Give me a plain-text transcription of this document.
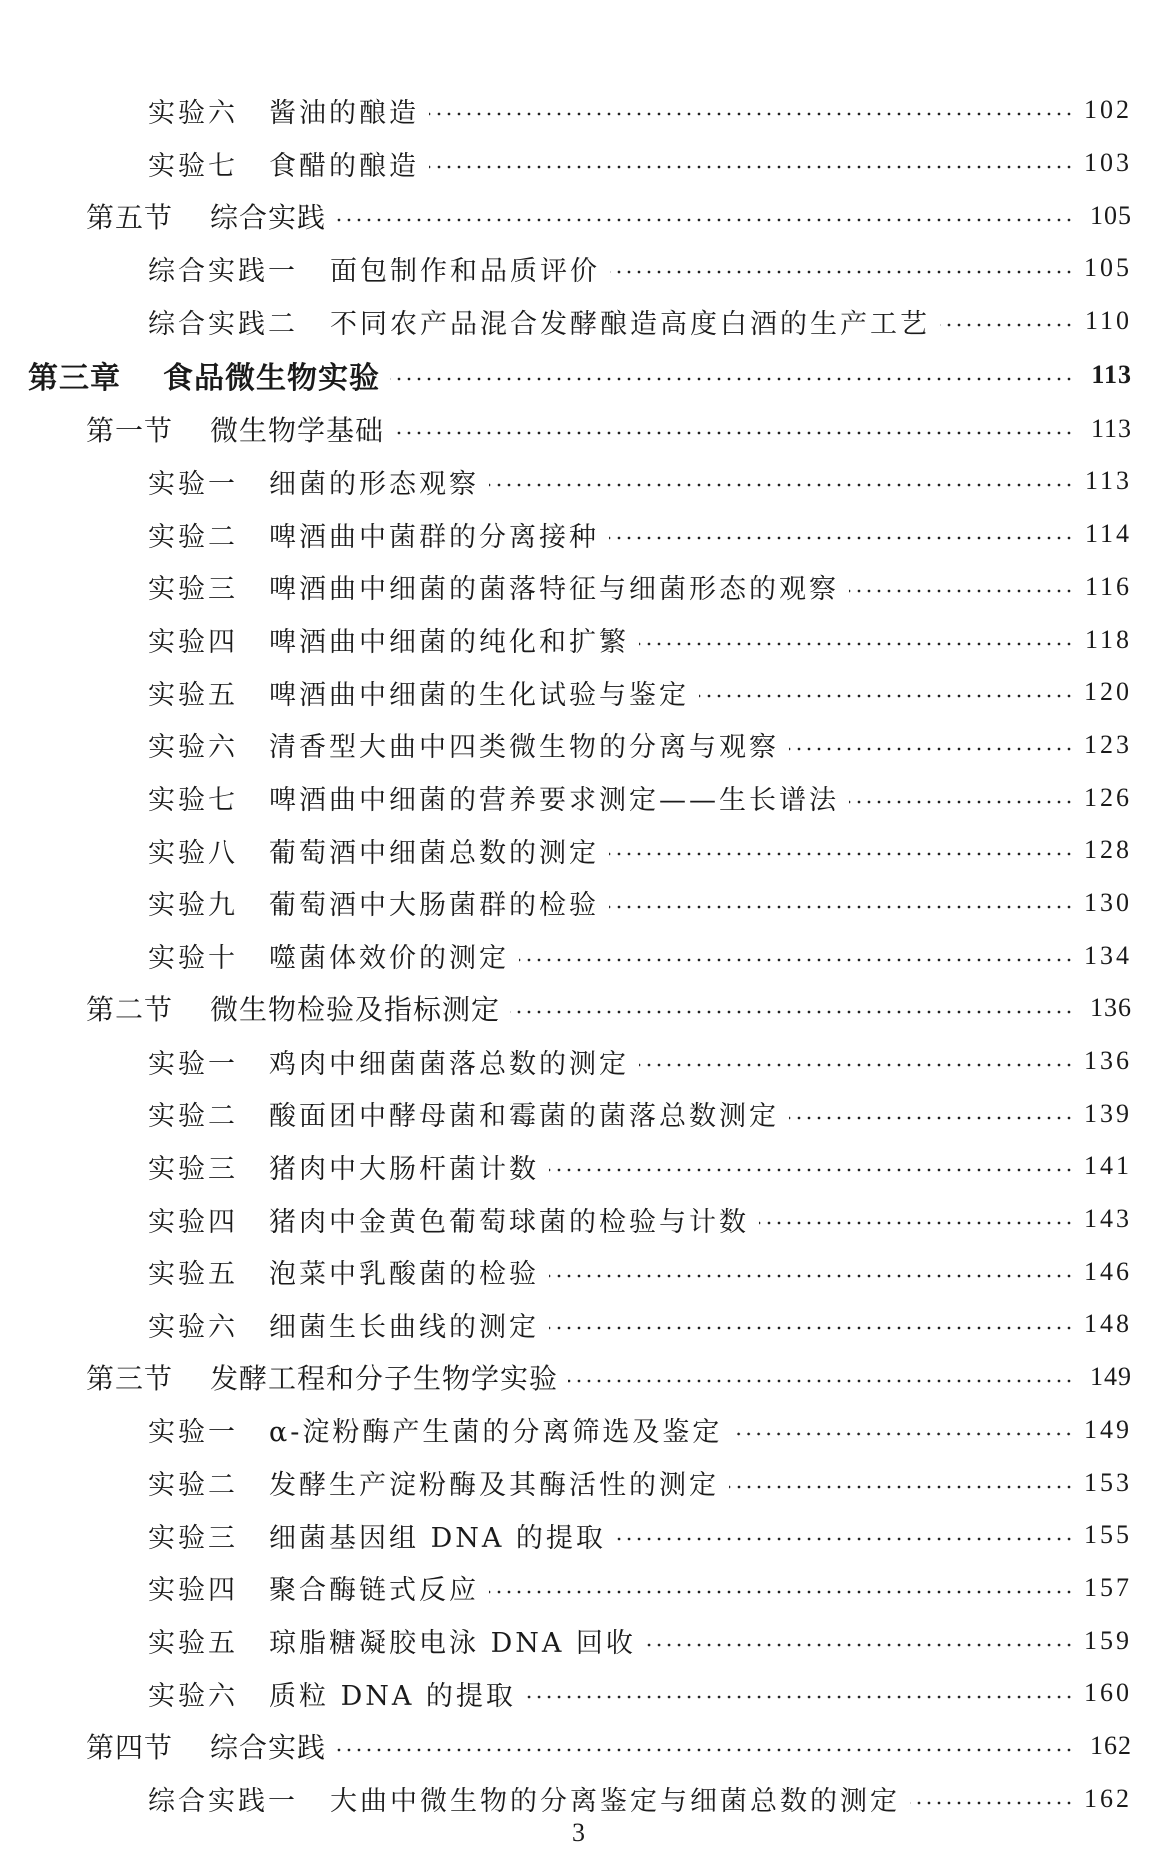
实验六 酱油的酿造	102
实验七 食醋的酿造	103
第五节 综合实践	105
综合实践一 面包制作和品质评价	105
综合实践二 不同农产品混合发酵酿造高度白酒的生产工艺	110
第三章 食品微生物实验	113
第一节 微生物学基础	113
实验一 细菌的形态观察	113
实验二 啤酒曲中菌群的分离接种	114
实验三 啤酒曲中细菌的菌落特征与细菌形态的观察	116
实验四 啤酒曲中细菌的纯化和扩繁	118
实验五 啤酒曲中细菌的生化试验与鉴定	120
实验六 清香型大曲中四类微生物的分离与观察	123
实验七 啤酒曲中细菌的营养要求测定——生长谱法	126
实验八 葡萄酒中细菌总数的测定	128
实验九 葡萄酒中大肠菌群的检验	130
实验十 噬菌体效价的测定	134
第二节 微生物检验及指标测定	136
实验一 鸡肉中细菌菌落总数的测定	136
实验二 酸面团中酵母菌和霉菌的菌落总数测定	139
实验三 猪肉中大肠杆菌计数	141
实验四 猪肉中金黄色葡萄球菌的检验与计数	143
实验五 泡菜中乳酸菌的检验	146
实验六 细菌生长曲线的测定	148
第三节 发酵工程和分子生物学实验	149
实验一 α-淀粉酶产生菌的分离筛选及鉴定	149
实验二 发酵生产淀粉酶及其酶活性的测定	153
实验三 细菌基因组 DNA 的提取	155
实验四 聚合酶链式反应	157
实验五 琼脂糖凝胶电泳 DNA 回收	159
实验六 质粒 DNA 的提取	160
第四节 综合实践	162
综合实践一 大曲中微生物的分离鉴定与细菌总数的测定	162
3
